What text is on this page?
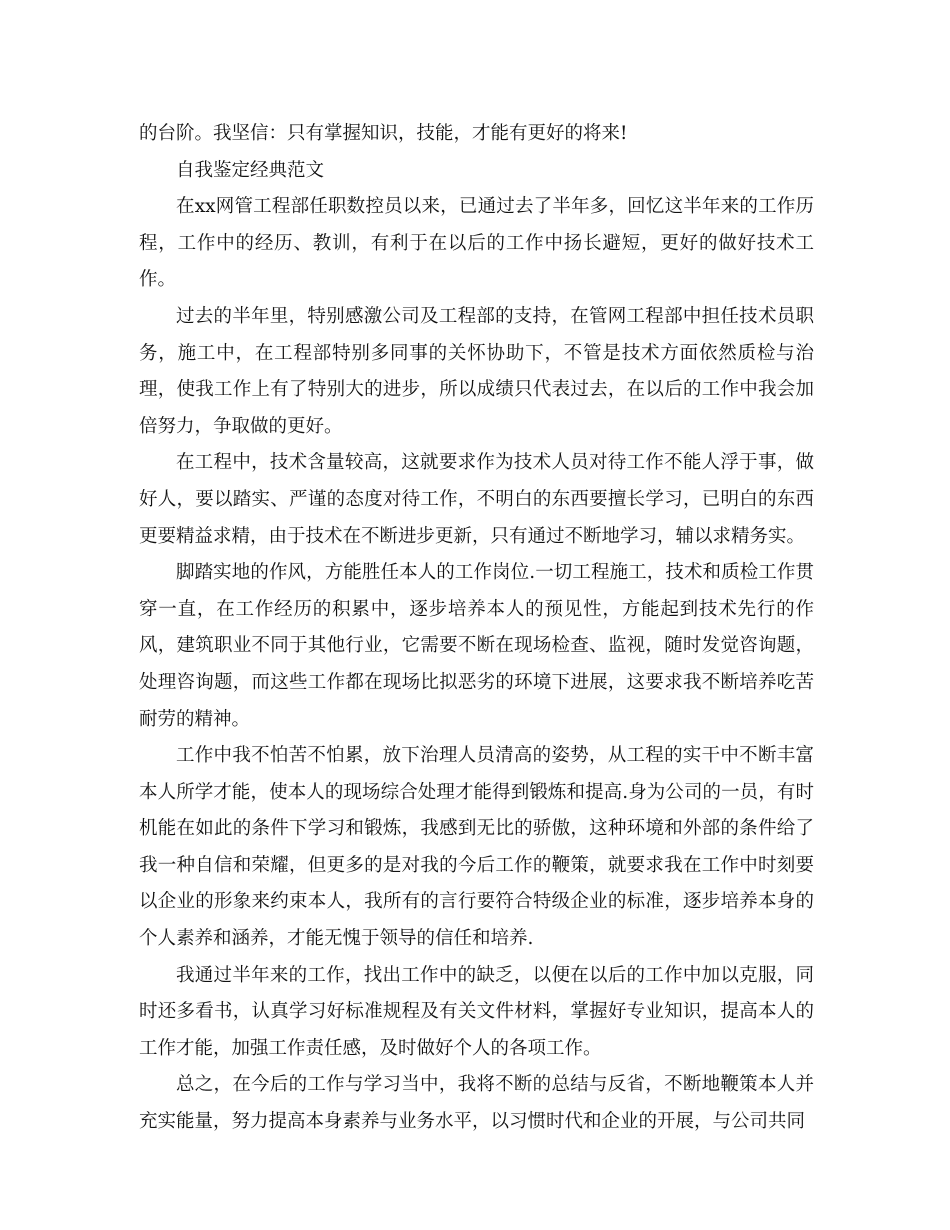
的台阶。我坚信：只有掌握知识，技能，才能有更好的将来!

自我鉴定经典范文

在xx网管工程部任职数控员以来，已通过去了半年多，回忆这半年来的工作历程，工作中的经历、教训，有利于在以后的工作中扬长避短，更好的做好技术工作。

过去的半年里，特别感激公司及工程部的支持，在管网工程部中担任技术员职务，施工中，在工程部特别多同事的关怀协助下，不管是技术方面依然质检与治理，使我工作上有了特别大的进步，所以成绩只代表过去，在以后的工作中我会加倍努力，争取做的更好。

在工程中，技术含量较高，这就要求作为技术人员对待工作不能人浮于事，做好人，要以踏实、严谨的态度对待工作，不明白的东西要擅长学习，已明白的东西更要精益求精，由于技术在不断进步更新，只有通过不断地学习，辅以求精务实。

脚踏实地的作风，方能胜任本人的工作岗位.一切工程施工，技术和质检工作贯穿一直，在工作经历的积累中，逐步培养本人的预见性，方能起到技术先行的作风，建筑职业不同于其他行业，它需要不断在现场检查、监视，随时发觉咨询题，处理咨询题，而这些工作都在现场比拟恶劣的环境下进展，这要求我不断培养吃苦耐劳的精神。

工作中我不怕苦不怕累，放下治理人员清高的姿势，从工程的实干中不断丰富本人所学才能，使本人的现场综合处理才能得到锻炼和提高.身为公司的一员，有时机能在如此的条件下学习和锻炼，我感到无比的骄傲，这种环境和外部的条件给了我一种自信和荣耀，但更多的是对我的今后工作的鞭策，就要求我在工作中时刻要以企业的形象来约束本人，我所有的言行要符合特级企业的标准，逐步培养本身的个人素养和涵养，才能无愧于领导的信任和培养.

我通过半年来的工作，找出工作中的缺乏，以便在以后的工作中加以克服，同时还多看书，认真学习好标准规程及有关文件材料，掌握好专业知识，提高本人的工作才能，加强工作责任感，及时做好个人的各项工作。

总之，在今后的工作与学习当中，我将不断的总结与反省，不断地鞭策本人并充实能量，努力提高本身素养与业务水平，以习惯时代和企业的开展，与公司共同
